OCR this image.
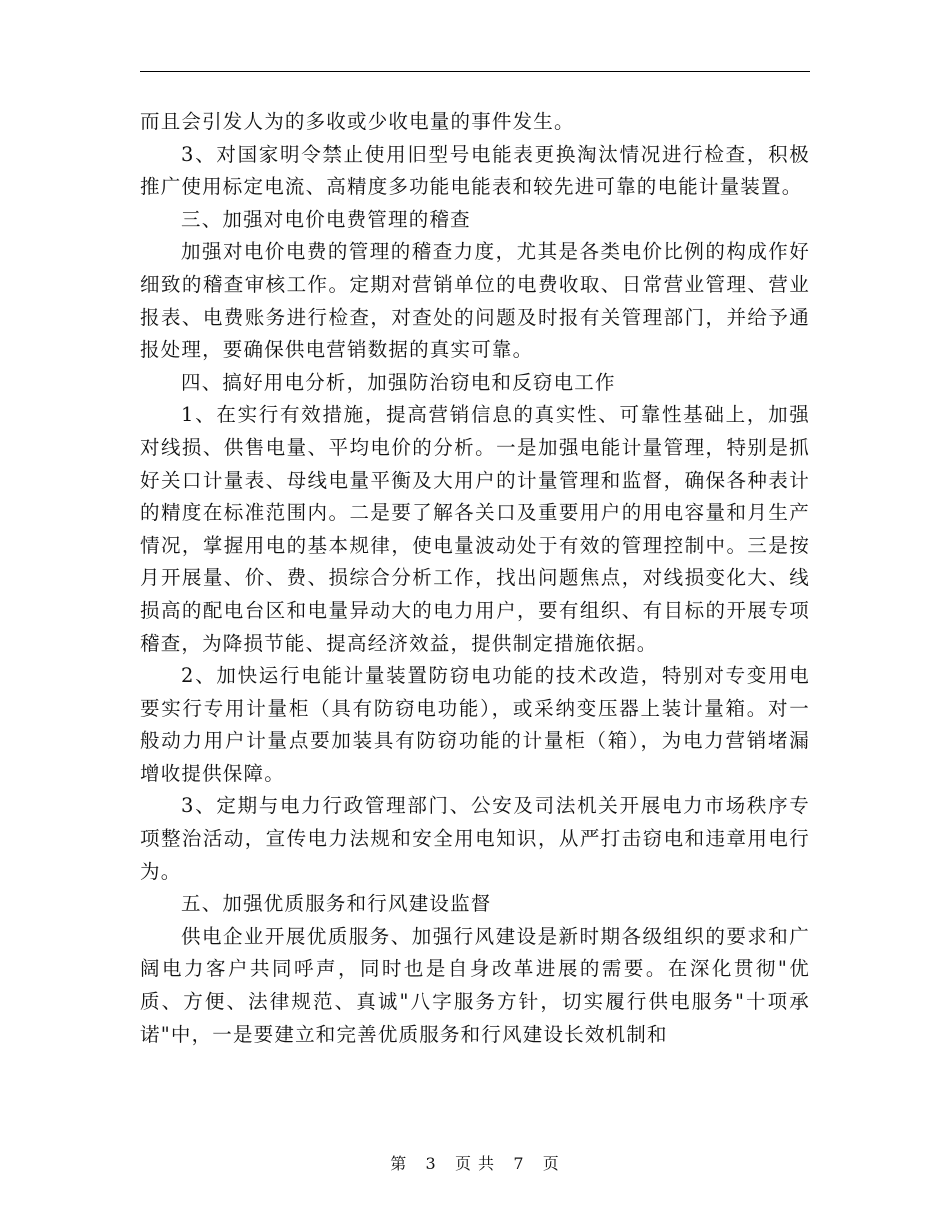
而且会引发人为的多收或少收电量的事件发生。

3、对国家明令禁止使用旧型号电能表更换淘汰情况进行检查，积极推广使用标定电流、高精度多功能电能表和较先进可靠的电能计量装置。

三、加强对电价电费管理的稽查

加强对电价电费的管理的稽查力度，尤其是各类电价比例的构成作好细致的稽查审核工作。定期对营销单位的电费收取、日常营业管理、营业报表、电费账务进行检查，对查处的问题及时报有关管理部门，并给予通报处理，要确保供电营销数据的真实可靠。

四、搞好用电分析，加强防治窃电和反窃电工作

1、在实行有效措施，提高营销信息的真实性、可靠性基础上，加强对线损、供售电量、平均电价的分析。一是加强电能计量管理，特别是抓好关口计量表、母线电量平衡及大用户的计量管理和监督，确保各种表计的精度在标准范围内。二是要了解各关口及重要用户的用电容量和月生产情况，掌握用电的基本规律，使电量波动处于有效的管理控制中。三是按月开展量、价、费、损综合分析工作，找出问题焦点，对线损变化大、线损高的配电台区和电量异动大的电力用户，要有组织、有目标的开展专项稽查，为降损节能、提高经济效益，提供制定措施依据。

2、加快运行电能计量装置防窃电功能的技术改造，特别对专变用电要实行专用计量柜（具有防窃电功能），或采纳变压器上装计量箱。对一般动力用户计量点要加装具有防窃功能的计量柜（箱），为电力营销堵漏增收提供保障。

3、定期与电力行政管理部门、公安及司法机关开展电力市场秩序专项整治活动，宣传电力法规和安全用电知识，从严打击窃电和违章用电行为。

五、加强优质服务和行风建设监督

供电企业开展优质服务、加强行风建设是新时期各级组织的要求和广阔电力客户共同呼声，同时也是自身改革进展的需要。在深化贯彻"优质、方便、法律规范、真诚"八字服务方针，切实履行供电服务"十项承诺"中，一是要建立和完善优质服务和行风建设长效机制和

第 3 页 共 7 页
